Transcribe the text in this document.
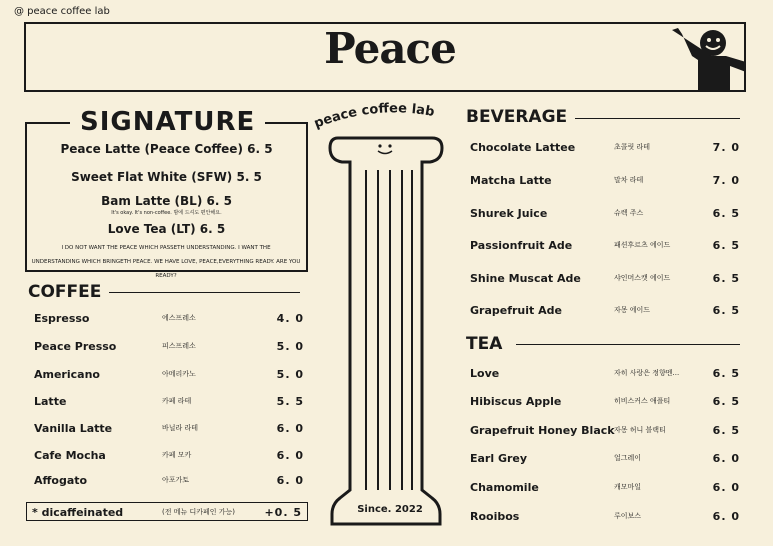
@ peace coffee lab
Peace
SIGNATURE
Peace Latte (Peace Coffee) 6. 5
Sweet Flat White (SFW) 5. 5
Bam Latte (BL) 6. 5
It's okay. It's non-coffee. 밤에 드셔도 편안해요.
Love Tea (LT) 6. 5
I DO NOT WANT THE PEACE WHICH PASSETH UNDERSTANDING. I WANT THE
UNDERSTANDING WHICH BRINGETH PEACE. WE HAVE LOVE, PEACE,EVERYTHING READY. ARE YOU READY?
COFFEE
Espresso	에스프레소	4. 0
Peace Presso	피스프레소	5. 0
Americano	아메리카노	5. 0
Latte	카페 라테	5. 5
Vanilla Latte	바닐라 라테	6. 0
Cafe Mocha	카페 모카	6. 0
Affogato	아포가토	6. 0
* dicaffeinated	(전 메뉴 디카페인 가능)	+0. 5
peace coffee lab
Since. 2022
BEVERAGE
Chocolate Lattee	초콜릿 라테	7. 0
Matcha Latte	말차 라테	7. 0
Shurek Juice	슈렉 주스	6. 5
Passionfruit Ade	패션후르츠 에이드	6. 5
Shine Muscat Ade	샤인머스캣 에이드	6. 5
Grapefruit Ade	자몽 에이드	6. 5
TEA
Love	자히 사랑은 정향멘...	6. 5
Hibiscus Apple	히비스커스 애플티	6. 5
Grapefruit Honey Black 자몽 허니 블랙티	6. 5
Earl Grey	얼그레이	6. 0
Chamomile	캐모마일	6. 0
Rooibos	루이보스	6. 0
